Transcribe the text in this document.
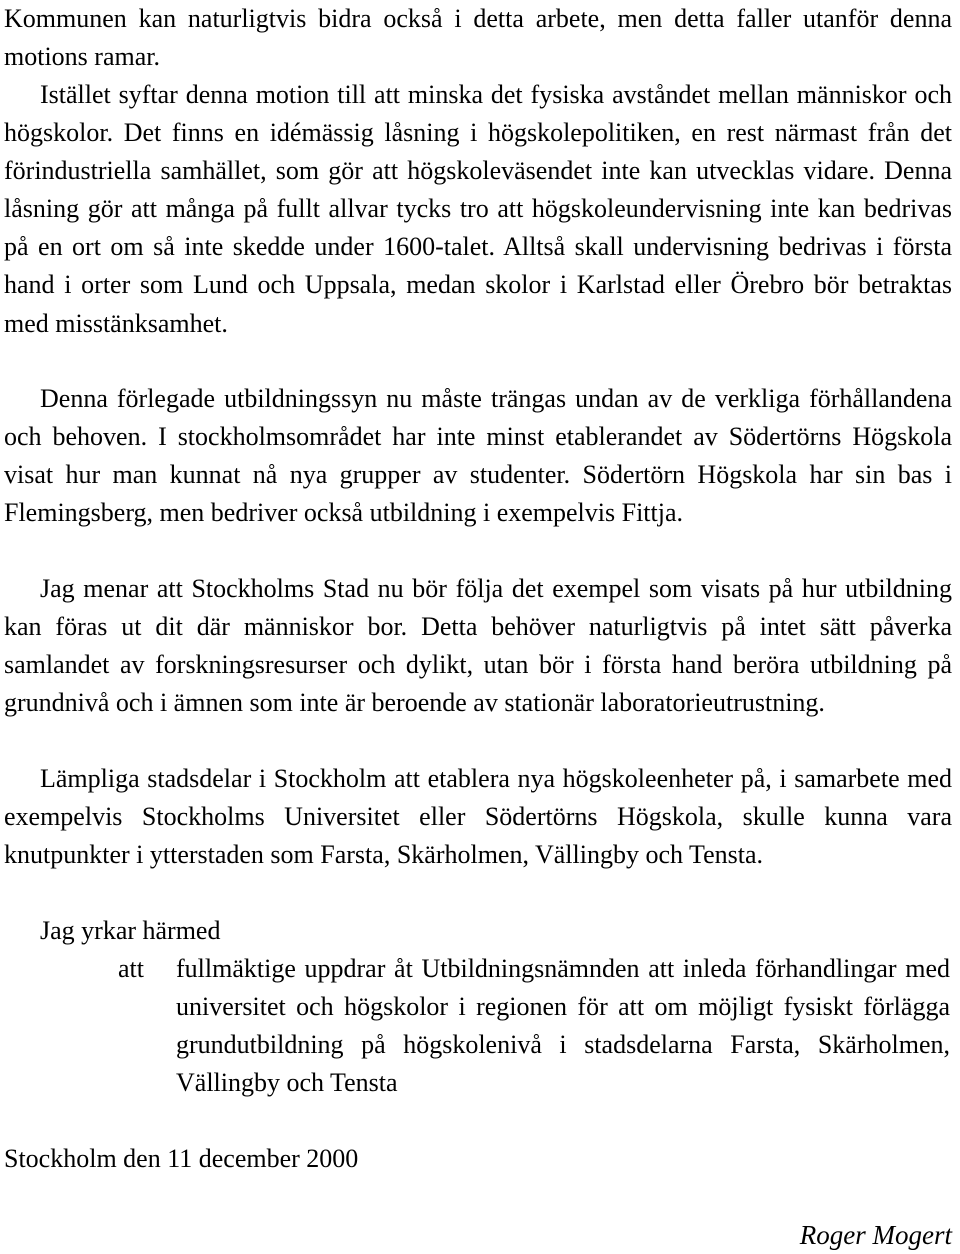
Kommunen kan naturligtvis bidra också i detta arbete, men detta faller utanför denna motions ramar.

Istället syftar denna motion till att minska det fysiska avståndet mellan människor och högskolor. Det finns en idémässig låsning i högskolepolitiken, en rest närmast från det förindustriella samhället, som gör att högskoleväsendet inte kan utvecklas vidare. Denna låsning gör att många på fullt allvar tycks tro att högskoleundervisning inte kan bedrivas på en ort om så inte skedde under 1600-talet. Alltså skall undervisning bedrivas i första hand i orter som Lund och Uppsala, medan skolor i Karlstad eller Örebro bör betraktas med misstänksamhet.

Denna förlegade utbildningssyn nu måste trängas undan av de verkliga förhållandena och behoven. I stockholmsområdet har inte minst etablerandet av Södertörns Högskola visat hur man kunnat nå nya grupper av studenter. Södertörn Högskola har sin bas i Flemingsberg, men bedriver också utbildning i exempelvis Fittja.

Jag menar att Stockholms Stad nu bör följa det exempel som visats på hur utbildning kan föras ut dit där människor bor. Detta behöver naturligtvis på intet sätt påverka samlandet av forskningsresurser och dylikt, utan bör i första hand beröra utbildning på grundnivå och i ämnen som inte är beroende av stationär laboratorieutrustning.

Lämpliga stadsdelar i Stockholm att etablera nya högskoleenheter på, i samarbete med exempelvis Stockholms Universitet eller Södertörns Högskola, skulle kunna vara knutpunkter i ytterstaden som Farsta, Skärholmen, Vällingby och Tensta.

Jag yrkar härmed

att fullmäktige uppdrar åt Utbildningsnämnden att inleda förhandlingar med universitet och högskolor i regionen för att om möjligt fysiskt förlägga grundutbildning på högskolenivå i stadsdelarna Farsta, Skärholmen, Vällingby och Tensta
Stockholm den 11 december 2000
Roger Mogert
